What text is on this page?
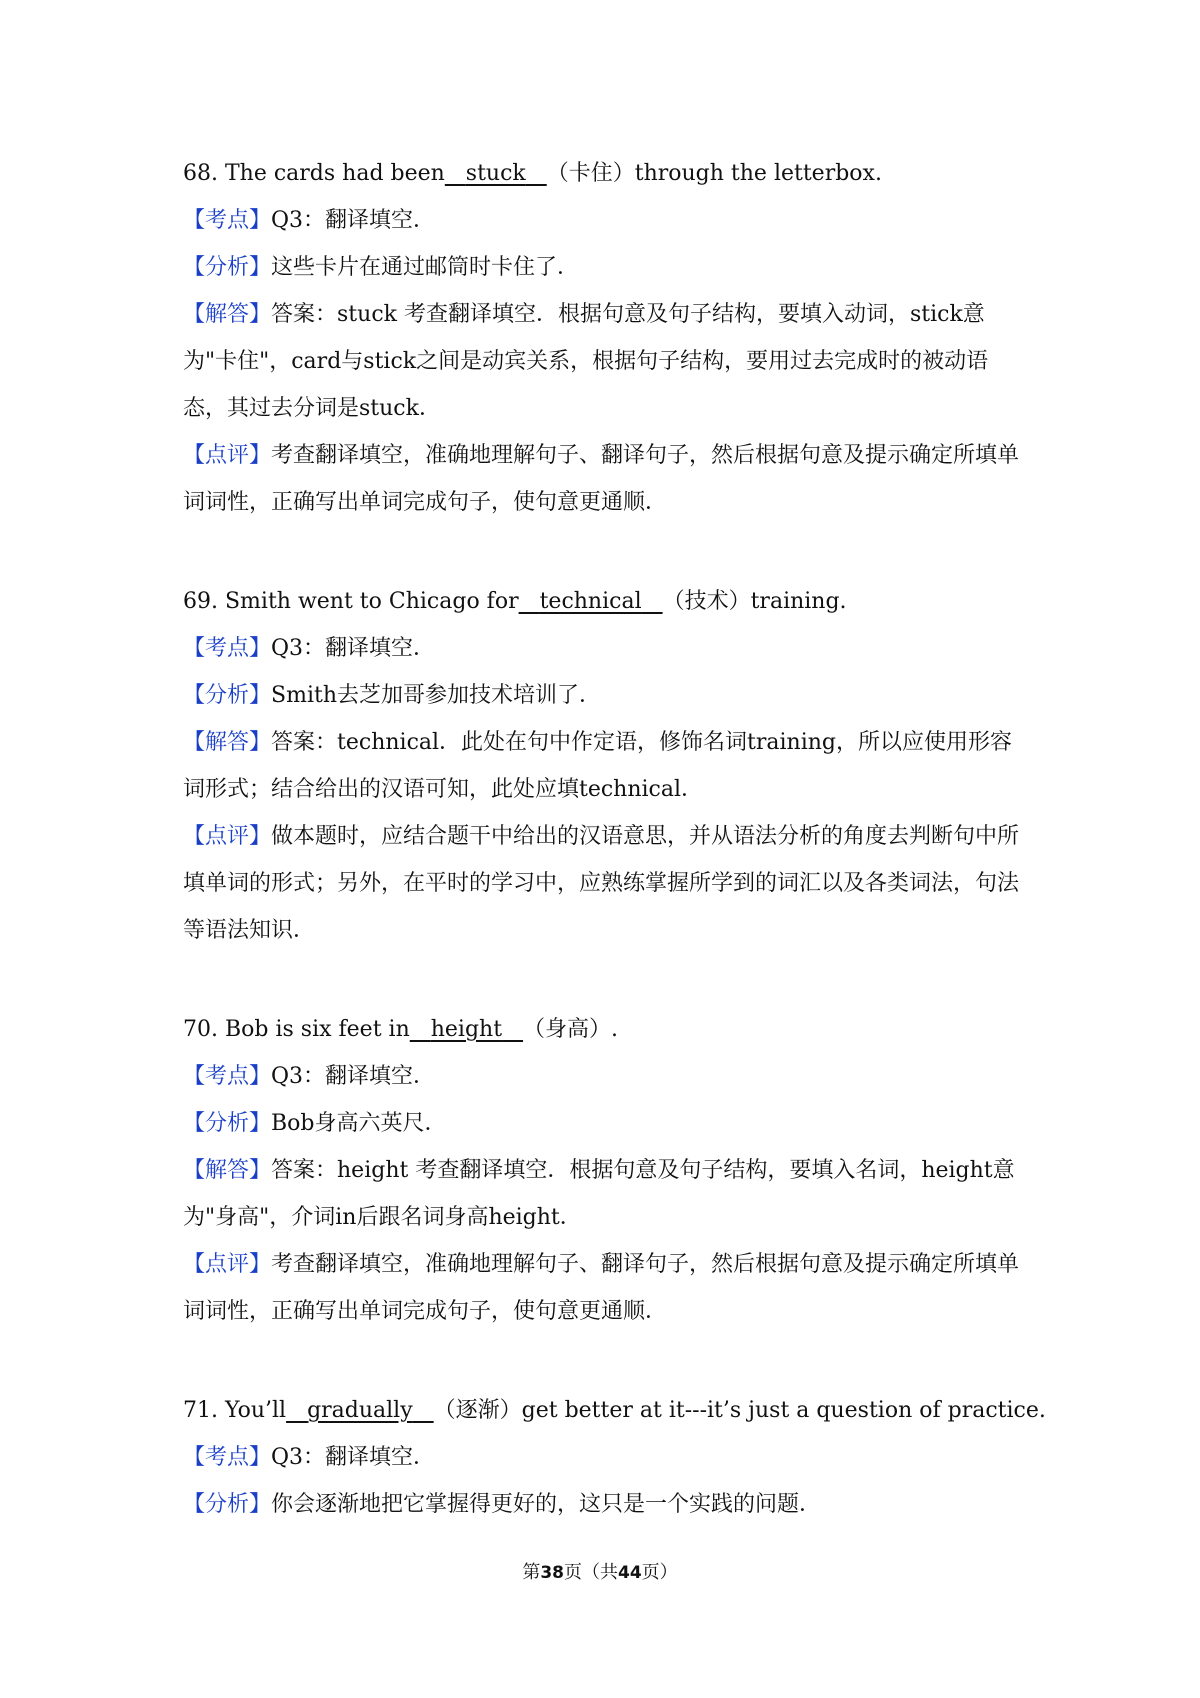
68. The cards had been stuck （卡住）through the letterbox.
【考点】Q3：翻译填空．
【分析】这些卡片在通过邮筒时卡住了．
【解答】答案：stuck 考查翻译填空．根据句意及句子结构，要填入动词，stick意为"卡住"，card与stick之间是动宾关系，根据句子结构，要用过去完成时的被动语态，其过去分词是stuck．
【点评】考查翻译填空，准确地理解句子、翻译句子，然后根据句意及提示确定所填单词词性，正确写出单词完成句子，使句意更通顺．
69. Smith went to Chicago for technical （技术）training.
【考点】Q3：翻译填空．
【分析】Smith去芝加哥参加技术培训了．
【解答】答案：technical．此处在句中作定语，修饰名词training，所以应使用形容词形式；结合给出的汉语可知，此处应填technical．
【点评】做本题时，应结合题干中给出的汉语意思，并从语法分析的角度去判断句中所填单词的形式；另外，在平时的学习中，应熟练掌握所学到的词汇以及各类词法，句法等语法知识．
70. Bob is six feet in height （身高）.
【考点】Q3：翻译填空．
【分析】Bob身高六英尺．
【解答】答案：height 考查翻译填空．根据句意及句子结构，要填入名词，height意为"身高"，介词in后跟名词身高height．
【点评】考查翻译填空，准确地理解句子、翻译句子，然后根据句意及提示确定所填单词词性，正确写出单词完成句子，使句意更通顺．
71. You’ll gradually （逐渐）get better at it---it’s just a question of practice.
【考点】Q3：翻译填空．
【分析】你会逐渐地把它掌握得更好的，这只是一个实践的问题．
第38页（共44页）
